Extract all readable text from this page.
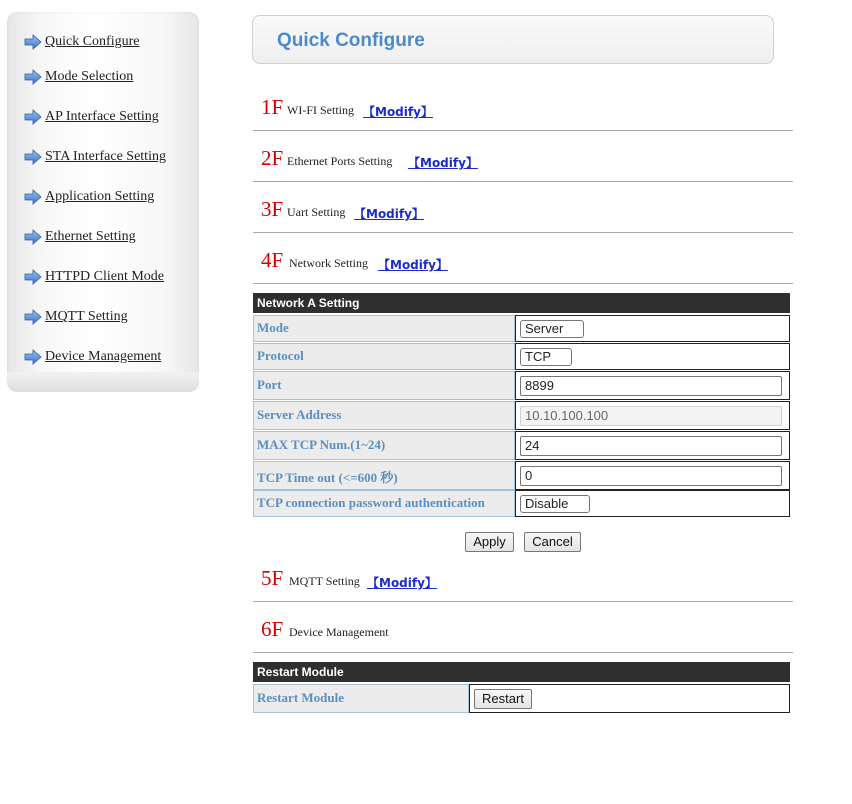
Quick Configure
Mode Selection
AP Interface Setting
STA Interface Setting
Application Setting
Ethernet Setting
HTTPD Client Mode
MQTT Setting
Device Management
Quick Configure
1F WI-FI Setting 【Modify】
2F Ethernet Ports Setting 【Modify】
3F Uart Setting 【Modify】
4F Network Setting 【Modify】
Network A Setting
Mode	Server
Protocol	TCP
Port	8899
Server Address	10.10.100.100
MAX TCP Num.(1~24)	24
TCP Time out (<=600 秒)	0
TCP connection password authentication	Disable
Apply	Cancel
5F MQTT Setting 【Modify】
6F Device Management
Restart Module
Restart Module	Restart
